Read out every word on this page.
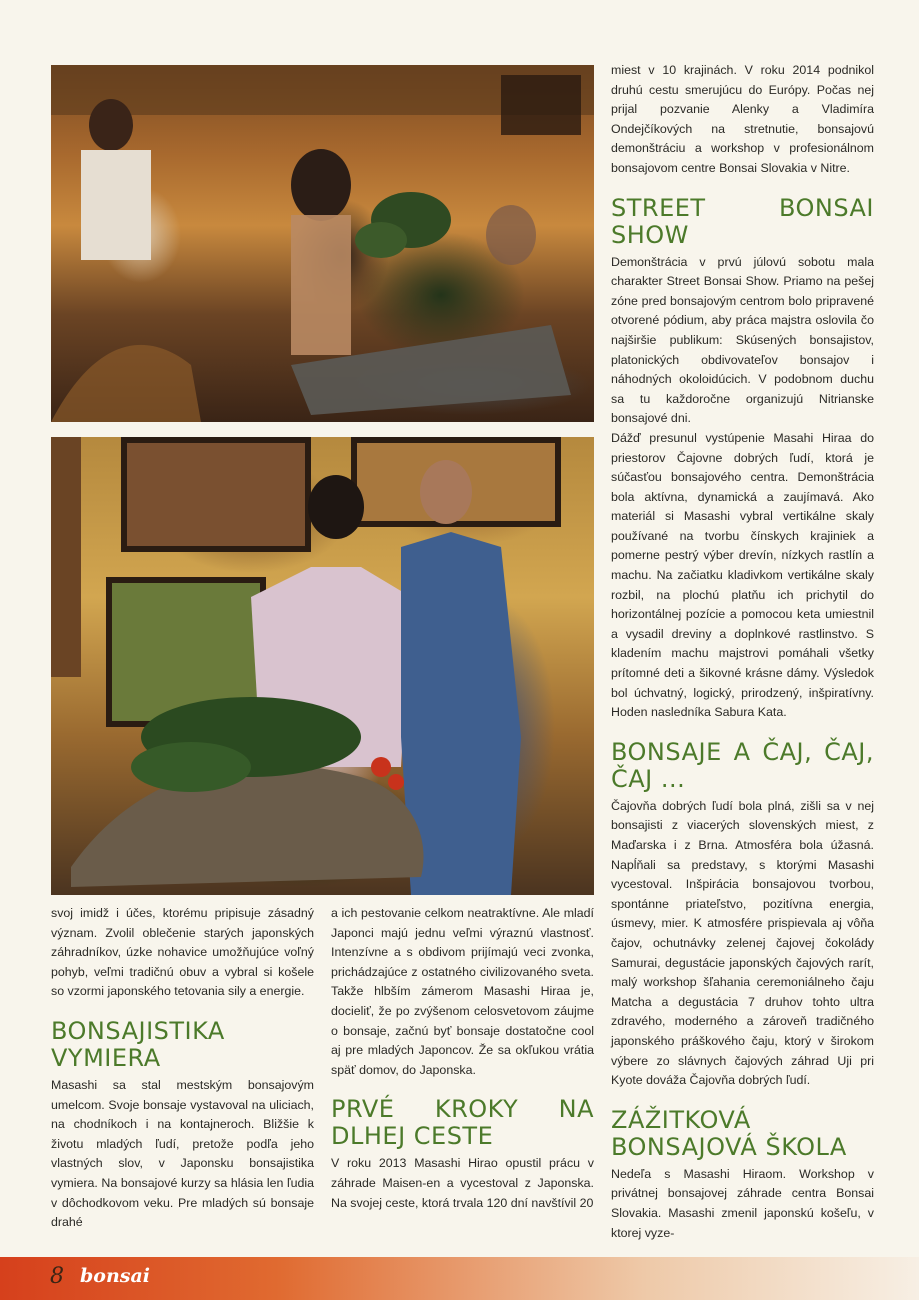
svoj imidž i účes, ktorému pripisuje zásadný význam. Zvolil oblečenie starých japonských záhradníkov, úzke nohavice umožňujúce voľný pohyb, veľmi tradičnú obuv a vybral si košele so vzormi japonského tetovania sily a energie.

BONSAJISTIKA VYMIERA

Masashi sa stal mestským bonsajovým umelcom. Svoje bonsaje vystavoval na uliciach, na chodníkoch i na kontajneroch. Bližšie k životu mladých ľudí, pretože podľa jeho vlastných slov, v Japonsku bonsajistika vymiera. Na bonsajové kurzy sa hlásia len ľudia v dôchodkovom veku. Pre mladých sú bonsaje drahé

a ich pestovanie celkom neatraktívne. Ale mladí Japonci majú jednu veľmi výraznú vlastnosť. Intenzívne a s obdivom prijímajú veci zvonka, prichádzajúce z ostatného civilizovaného sveta. Takže hlbším zámerom Masashi Hiraa je, docieliť, že po zvýšenom celosvetovom záujme o bonsaje, začnú byť bonsaje dostatočne cool aj pre mladých Japoncov. Že sa okľukou vrátia späť domov, do Japonska.

PRVÉ KROKY NA DLHEJ CESTE

V roku 2013 Masashi Hirao opustil prácu v záhrade Maisen-en a vycestoval z Japonska. Na svojej ceste, ktorá trvala 120 dní navštívil 20

miest v 10 krajinách. V roku 2014 podnikol druhú cestu smerujúcu do Európy. Počas nej prijal pozvanie Alenky a Vladimíra Ondejčíkových na stretnutie, bonsajovú demonštráciu a workshop v profesionálnom bonsajovom centre Bonsai Slovakia v Nitre.

STREET BONSAI SHOW

Demonštrácia v prvú júlovú sobotu mala charakter Street Bonsai Show. Priamo na pešej zóne pred bonsajovým centrom bolo pripravené otvorené pódium, aby práca majstra oslovila čo najširšie publikum: Skúsených bonsajistov, platonických obdivovateľov bonsajov i náhodných okoloidúcich. V podobnom duchu sa tu každoročne organizujú Nitrianske bonsajové dni.

Dážď presunul vystúpenie Masahi Hiraa do priestorov Čajovne dobrých ľudí, ktorá je súčasťou bonsajového centra. Demonštrácia bola aktívna, dynamická a zaujímavá. Ako materiál si Masashi vybral vertikálne skaly používané na tvorbu čínskych krajiniek a pomerne pestrý výber drevín, nízkych rastlín a machu. Na začiatku kladivkom vertikálne skaly rozbil, na plochú platňu ich prichytil do horizontálnej pozície a pomocou keta umiestnil a vysadil dreviny a doplnkové rastlinstvo. S kladením machu majstrovi pomáhali všetky prítomné deti a šikovné krásne dámy. Výsledok bol úchvatný, logický, prirodzený, inšpiratívny. Hoden nasledníka Sabura Kata.

BONSAJE A ČAJ, ČAJ, ČAJ ...

Čajovňa dobrých ľudí bola plná, zišli sa v nej bonsajisti z viacerých slovenských miest, z Maďarska i z Brna. Atmosféra bola úžasná. Napĺňali sa predstavy, s ktorými Masashi vycestoval. Inšpirácia bonsajovou tvorbou, spontánne priateľstvo, pozitívna energia, úsmevy, mier. K atmosfére prispievala aj vôňa čajov, ochutnávky zelenej čajovej čokolády Samurai, degustácie japonských čajových rarít, malý workshop šľahania ceremoniálneho čaju Matcha a degustácia 7 druhov tohto ultra zdravého, moderného a zároveň tradičného japonského práškového čaju, ktorý v širokom výbere zo slávnych čajových záhrad Uji pri Kyote dováža Čajovňa dobrých ľudí.

ZÁŽITKOVÁ BONSAJOVÁ ŠKOLA

Nedeľa s Masashi Hiraom. Workshop v privátnej bonsajovej záhrade centra Bonsai Slovakia. Masashi zmenil japonskú košeľu, v ktorej vyze-

8 bonsai
